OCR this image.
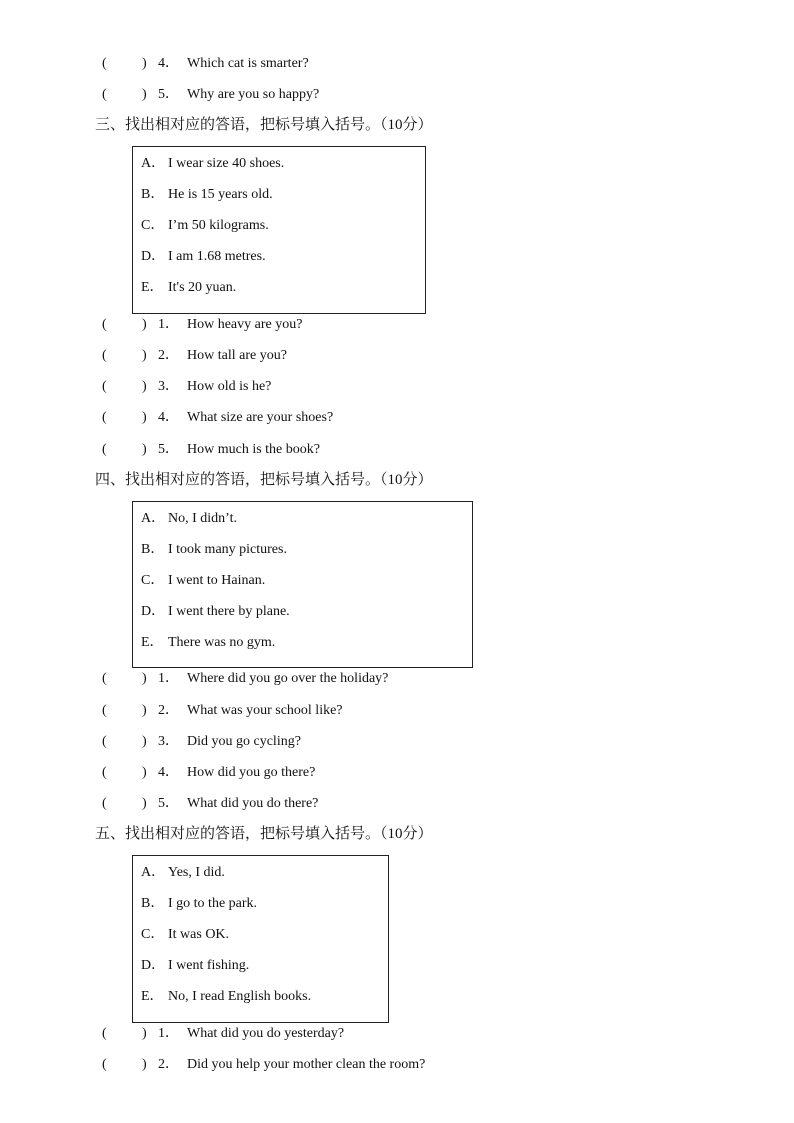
(	) 4． Which cat is smarter?
(	) 5． Why are you so happy?
三、找出相对应的答语，把标号填入括号。（10分）
A． I wear size 40 shoes.
B． He is 15 years old.
C． I’m 50 kilograms.
D． I am 1.68 metres.
E． It's 20 yuan.
(	) 1． How heavy are you?
(	) 2． How tall are you?
(	) 3． How old is he?
(	) 4． What size are your shoes?
(	) 5． How much is the book?
四、找出相对应的答语，把标号填入括号。（10分）
A． No, I didn’t.
B． I took many pictures.
C． I went to Hainan.
D． I went there by plane.
E． There was no gym.
(	) 1． Where did you go over the holiday?
(	) 2． What was your school like?
(	) 3． Did you go cycling?
(	) 4． How did you go there?
(	) 5． What did you do there?
五、找出相对应的答语，把标号填入括号。（10分）
A． Yes, I did.
B． I go to the park.
C． It was OK.
D． I went fishing.
E． No, I read English books.
(	) 1． What did you do yesterday?
(	) 2． Did you help your mother clean the room?
